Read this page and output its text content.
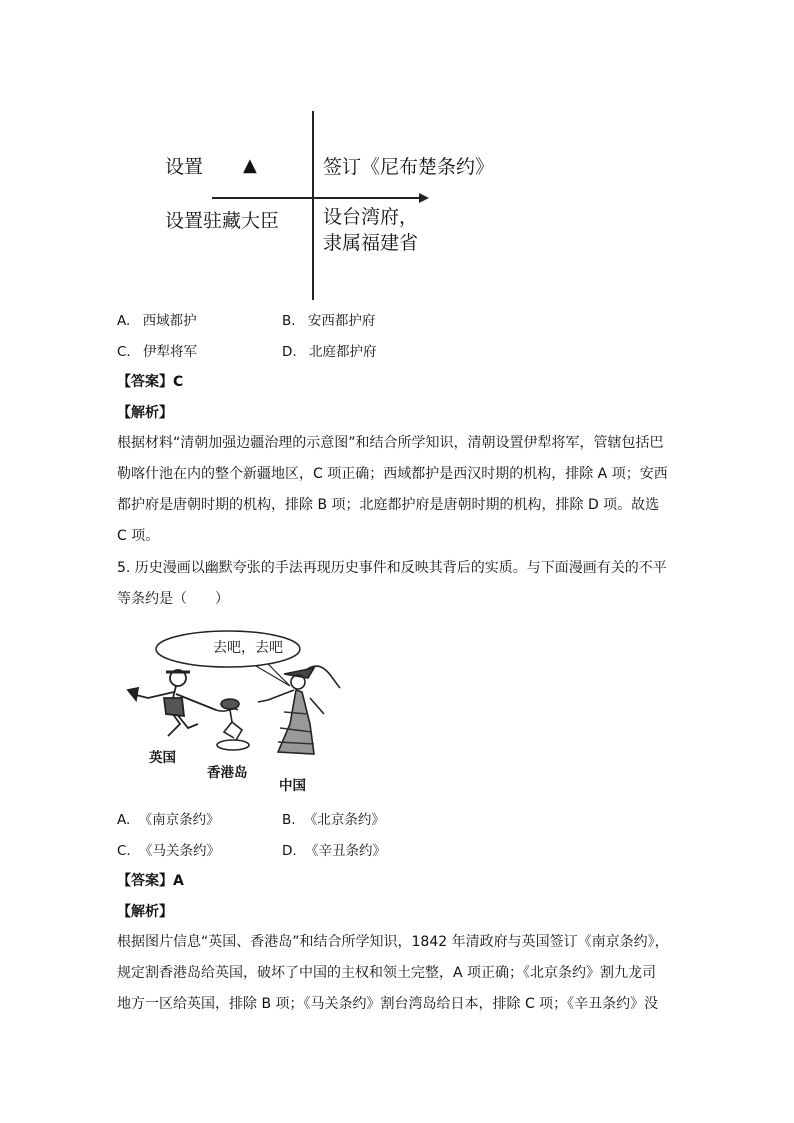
设置 ▲	签订《尼布楚条约》
设置驻藏大臣 设台湾府，
隶属福建省
A. 西域都护	B. 安西都护府
C. 伊犁将军	D. 北庭都护府
【答案】C
【解析】
根据材料“清朝加强边疆治理的示意图”和结合所学知识，清朝设置伊犁将军，管辖包括巴
勒喀什池在内的整个新疆地区，C 项正确；西域都护是西汉时期的机构，排除 A 项；安西
都护府是唐朝时期的机构，排除 B 项；北庭都护府是唐朝时期的机构，排除 D 项。故选
C 项。
5. 历史漫画以幽默夸张的手法再现历史事件和反映其背后的实质。与下面漫画有关的不平
等条约是（　　）
去吧，去吧
英国
香港岛
中国
A. 《南京条约》	B. 《北京条约》
C. 《马关条约》	D. 《辛丑条约》
【答案】A
【解析】
根据图片信息“英国、香港岛”和结合所学知识，1842 年清政府与英国签订《南京条约》，
规定割香港岛给英国，破坏了中国的主权和领土完整，A 项正确；《北京条约》割九龙司
地方一区给英国，排除 B 项；《马关条约》割台湾岛给日本，排除 C 项；《辛丑条约》没
